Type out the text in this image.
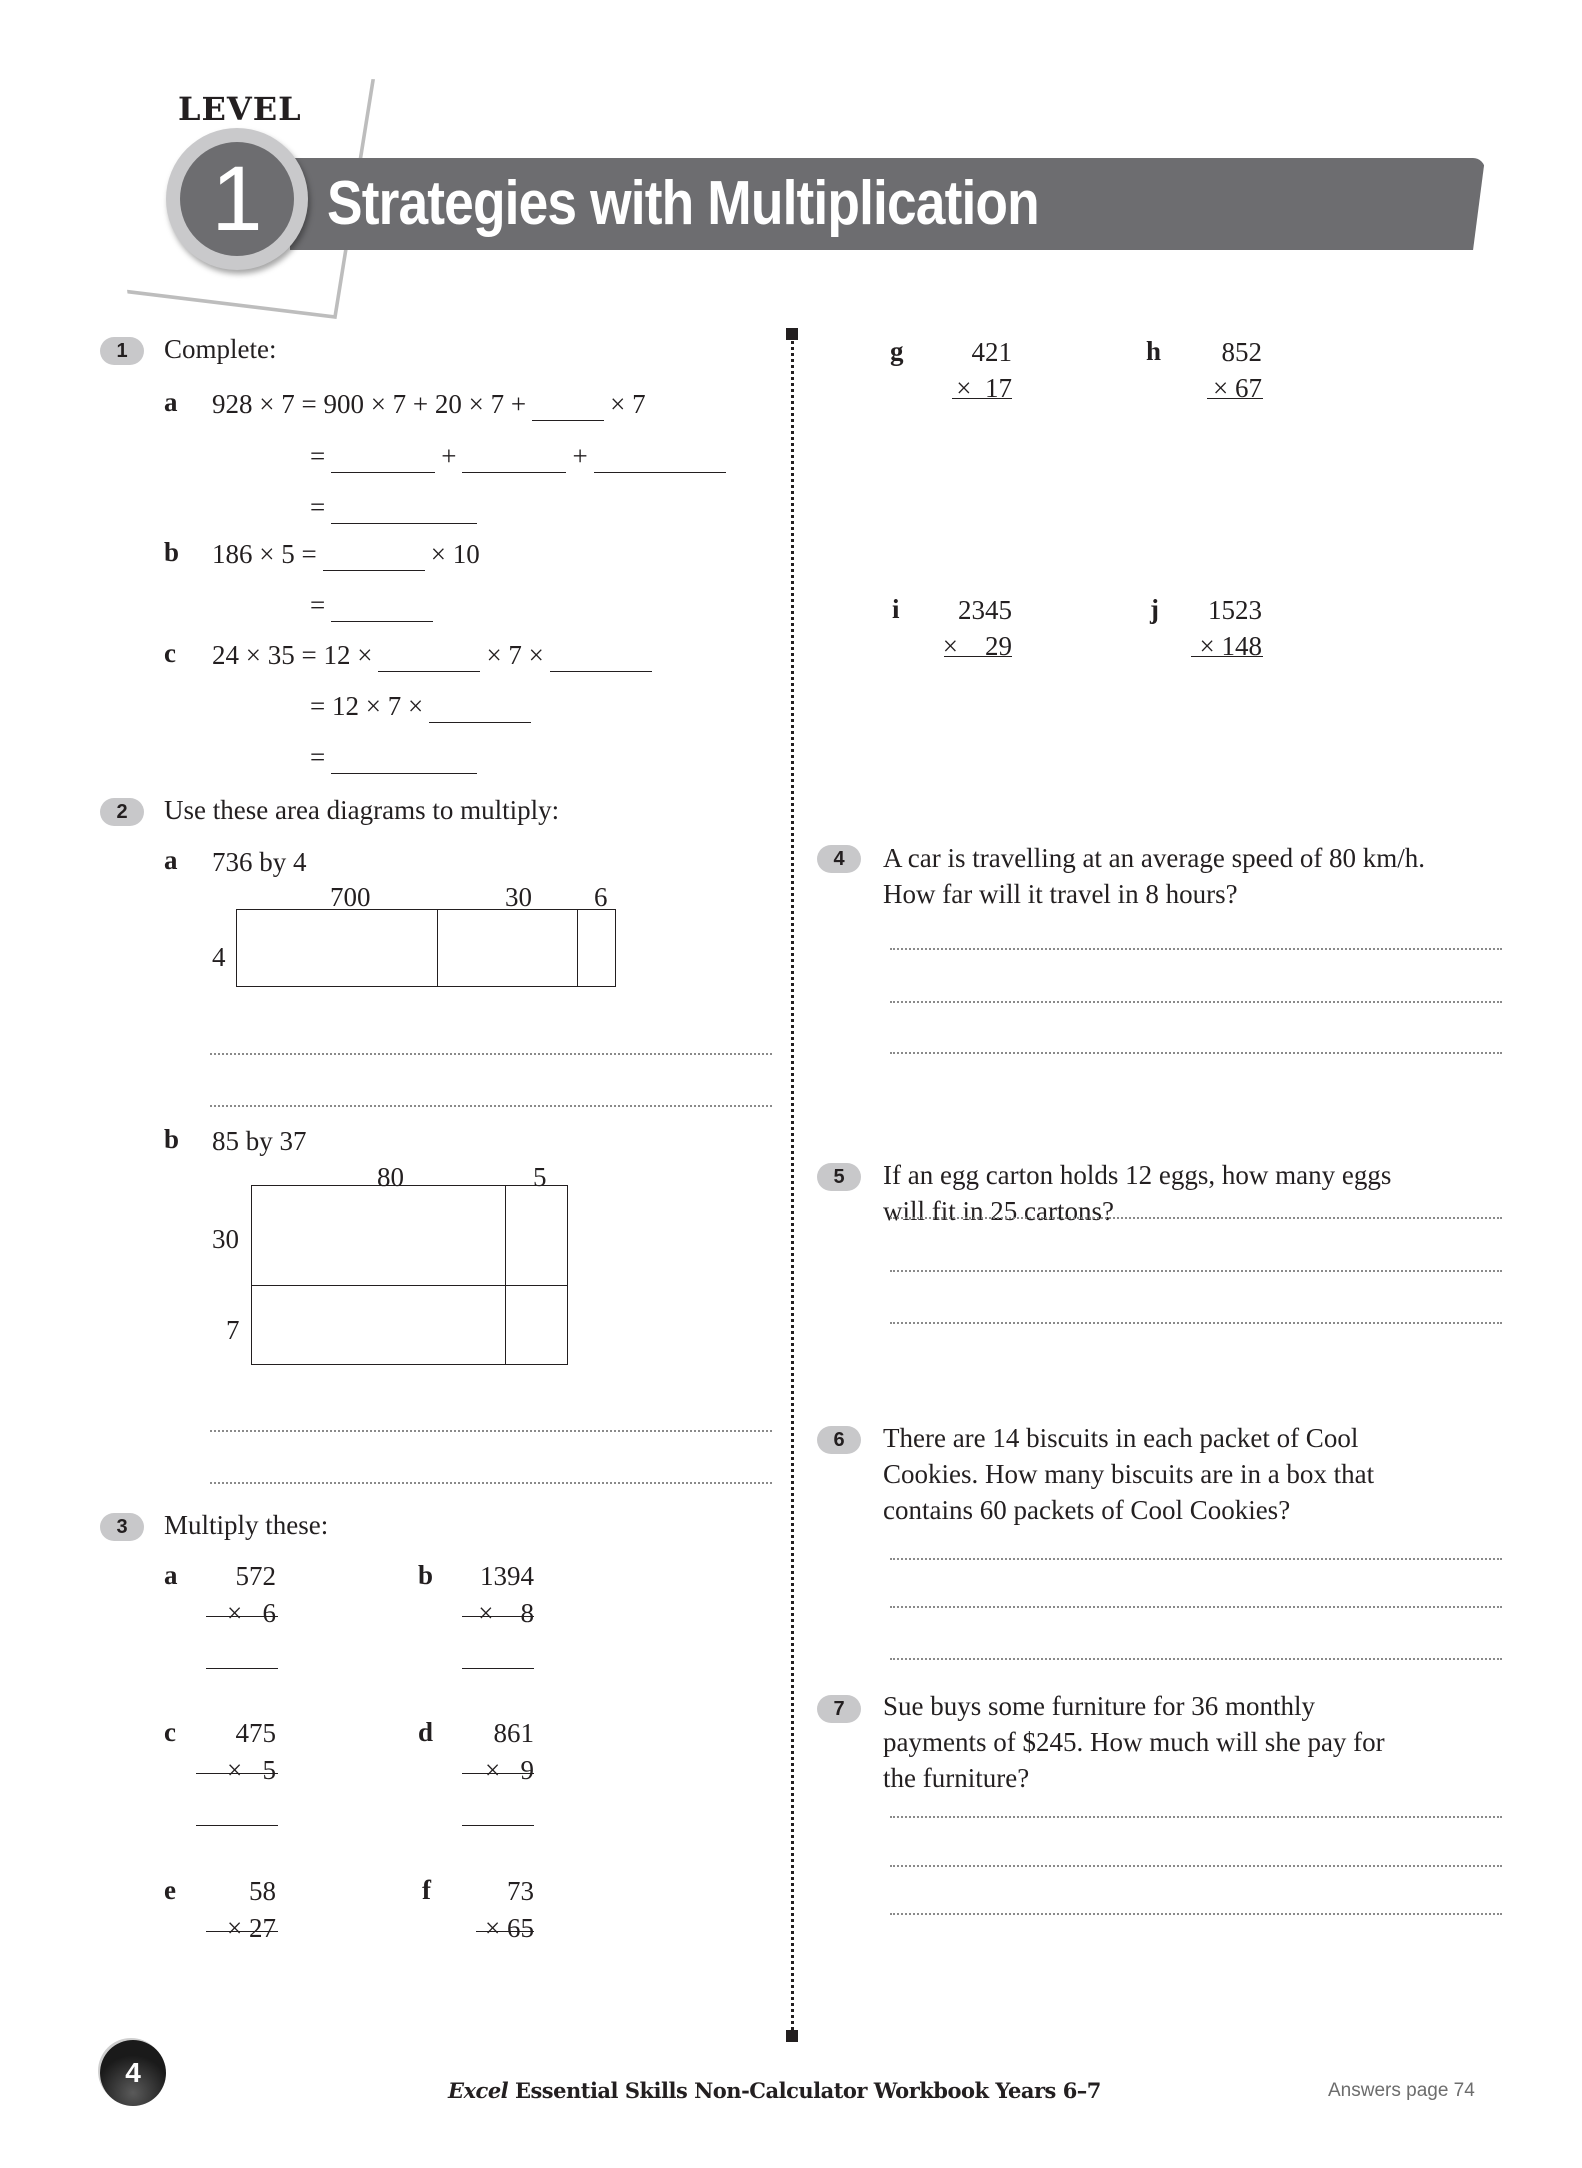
LEVEL
1	Strategies with Multiplication
1	Complete:
a 928 × 7 = 900 × 7 + 20 × 7 +	× 7
=	+	+
=
b 186 × 5 =	× 10
=
c 24 × 35 = 12 ×	× 7 ×
= 12 × 7 ×
=
2	Use these area diagrams to multiply:
a 736 by 4
700	30 6
4
b 85 by 37
80	5
30
7
3	Multiply these:
a	572
×   6
b	1394
×    8
c	475
×   5
d	861
×   9
e	58
× 27
f	73
× 65
g	421
×  17
h	852
× 67
i	2345
×    29
j	1523
× 148
4	A car is travelling at an average speed of 80 km/h.
How far will it travel in 8 hours?
5	If an egg carton holds 12 eggs, how many eggs
will fit in 25 cartons?
6	There are 14 biscuits in each packet of Cool
Cookies. How many biscuits are in a box that
contains 60 packets of Cool Cookies?
7	Sue buys some furniture for 36 monthly
payments of $245. How much will she pay for
the furniture?
4
Excel Essential Skills Non-Calculator Workbook Years 6–7	Answers page 74
